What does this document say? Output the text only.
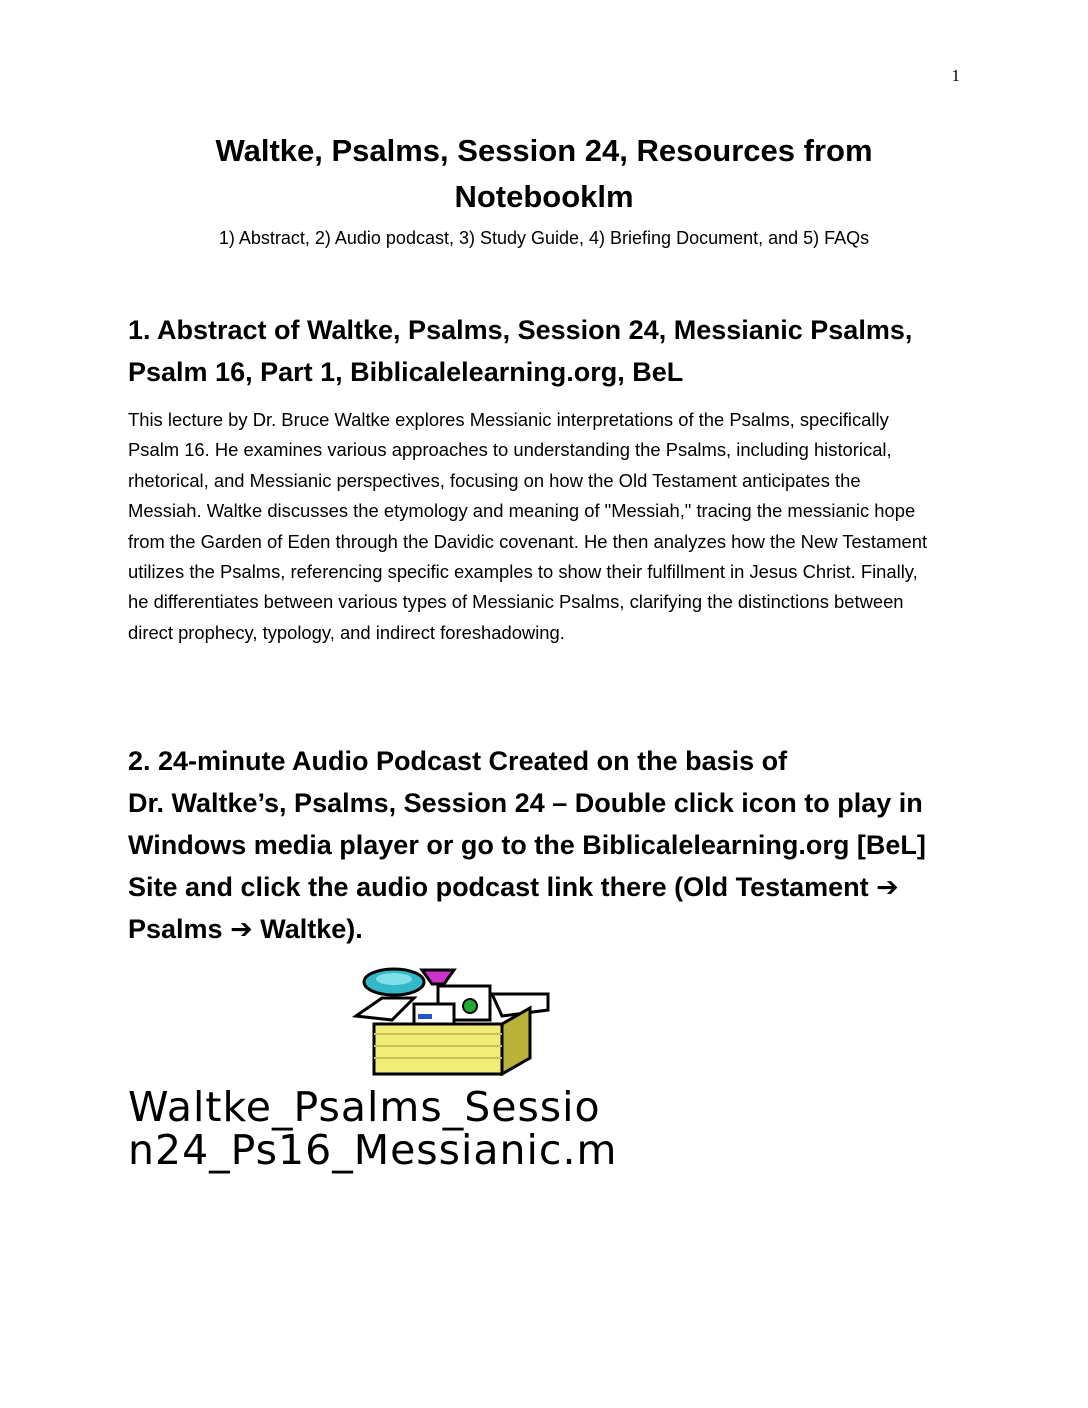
1
Waltke, Psalms, Session 24, Resources from
Notebooklm
1) Abstract, 2) Audio podcast, 3) Study Guide, 4) Briefing Document, and 5) FAQs
1. Abstract of Waltke, Psalms, Session 24, Messianic Psalms,
Psalm 16, Part 1, Biblicalelearning.org, BeL

This lecture by Dr. Bruce Waltke explores Messianic interpretations of the Psalms, specifically Psalm 16. He examines various approaches to understanding the Psalms, including historical, rhetorical, and Messianic perspectives, focusing on how the Old Testament anticipates the Messiah. Waltke discusses the etymology and meaning of "Messiah," tracing the messianic hope from the Garden of Eden through the Davidic covenant. He then analyzes how the New Testament utilizes the Psalms, referencing specific examples to show their fulfillment in Jesus Christ. Finally, he differentiates between various types of Messianic Psalms, clarifying the distinctions between direct prophecy, typology, and indirect foreshadowing.

2. 24-minute Audio Podcast Created on the basis of
Dr. Waltke’s, Psalms, Session 24 – Double click icon to play in
Windows media player or go to the Biblicalelearning.org [BeL]
Site and click the audio podcast link there (Old Testament ➔
Psalms ➔ Waltke).
Waltke_Psalms_Sessio
n24_Ps16_Messianic.m
